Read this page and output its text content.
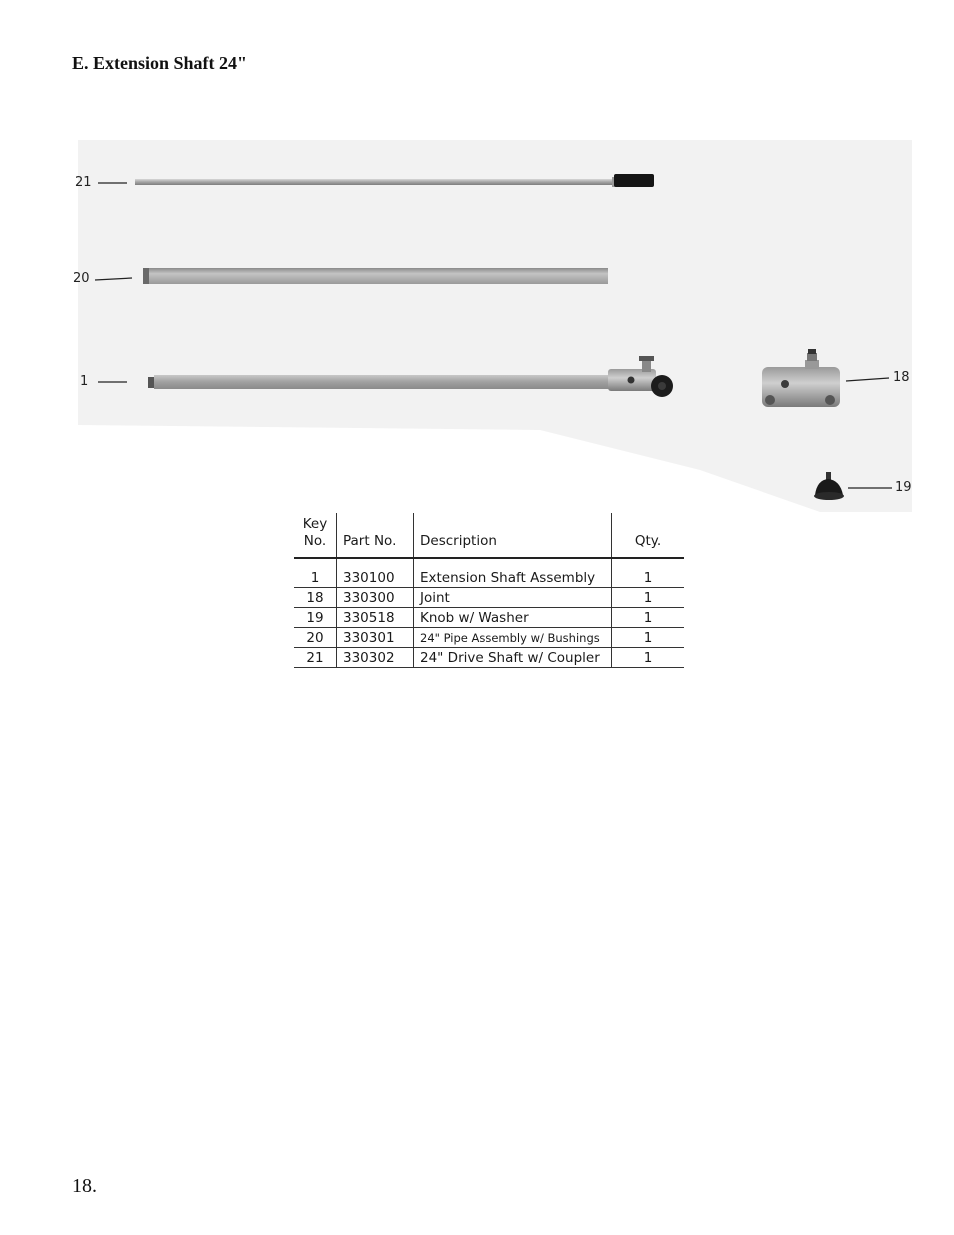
E. Extension Shaft 24"
21
20
1	18
19
Key
No.	Part No.	Description	Qty.
1	330100	Extension Shaft Assembly	1
18	330300	Joint	1
19	330518	Knob w/ Washer	1
20	330301	24" Pipe Assembly w/ Bushings	1
21	330302	24" Drive Shaft w/ Coupler	1
18.
